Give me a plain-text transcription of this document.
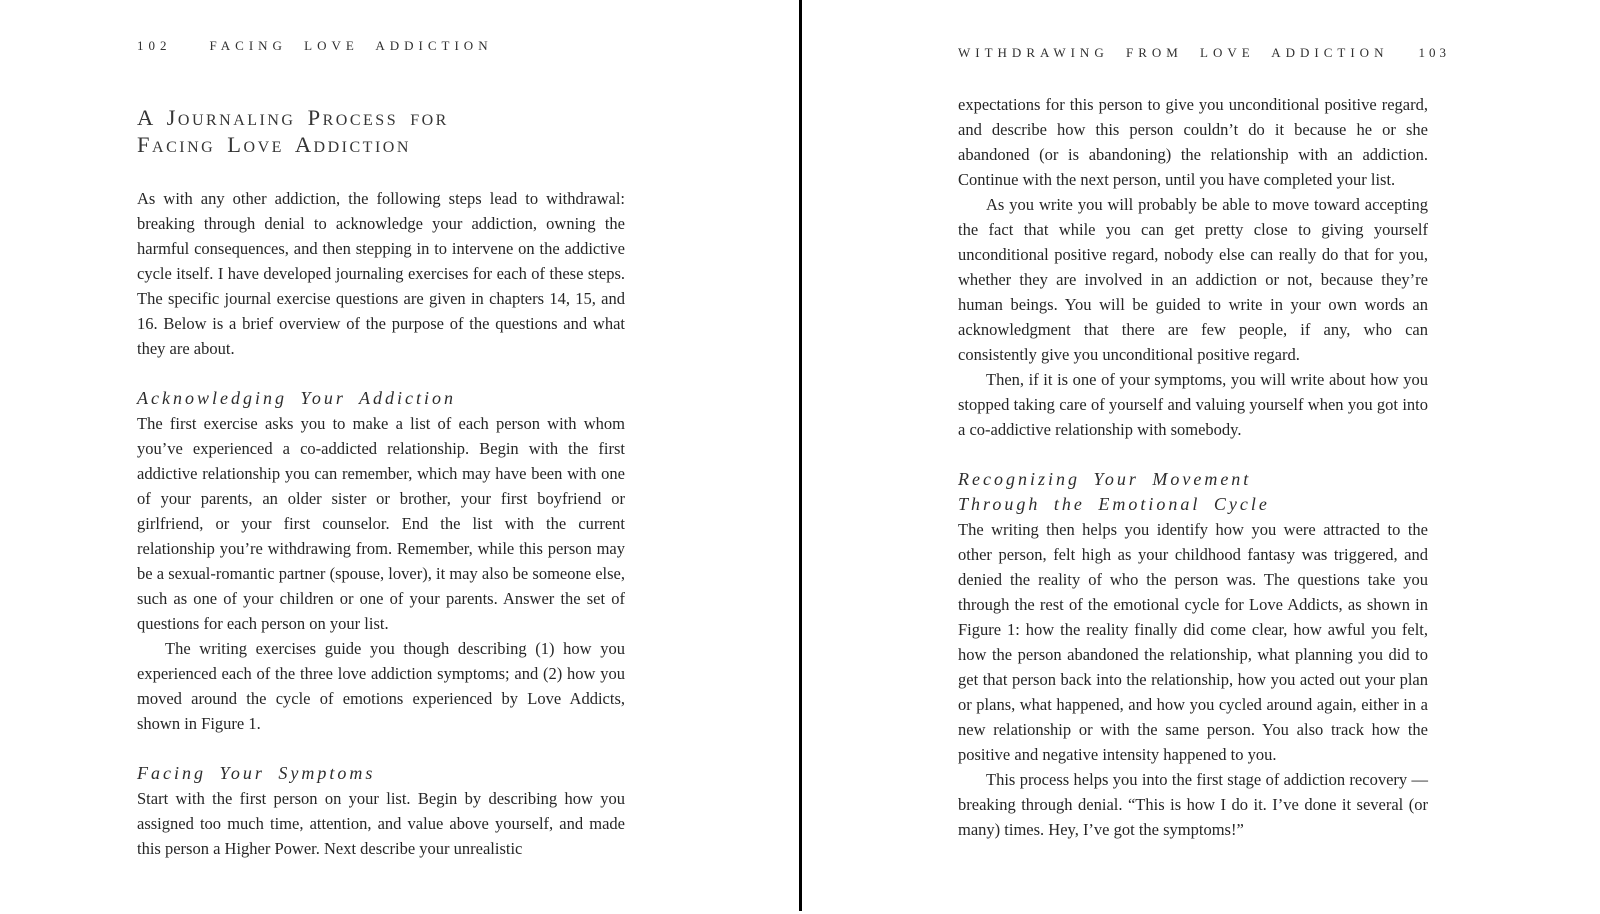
102	FACING LOVE ADDICTION
A Journaling Process for
Facing Love Addiction

As with any other addiction, the following steps lead to withdrawal: breaking through denial to acknowledge your addiction, owning the harmful consequences, and then stepping in to intervene on the addictive cycle itself. I have developed journaling exercises for each of these steps. The specific journal exercise questions are given in chapters 14, 15, and 16. Below is a brief overview of the purpose of the questions and what they are about.

Acknowledging Your Addiction

The first exercise asks you to make a list of each person with whom you’ve experienced a co-addicted relationship. Begin with the first addictive relationship you can remember, which may have been with one of your parents, an older sister or brother, your first boyfriend or girlfriend, or your first counselor. End the list with the current relationship you’re withdrawing from. Remember, while this person may be a sexual-romantic partner (spouse, lover), it may also be someone else, such as one of your children or one of your parents. Answer the set of questions for each person on your list.

The writing exercises guide you though describing (1) how you experienced each of the three love addiction symptoms; and (2) how you moved around the cycle of emotions experienced by Love Addicts, shown in Figure 1.

Facing Your Symptoms

Start with the first person on your list. Begin by describing how you assigned too much time, attention, and value above yourself, and made this person a Higher Power. Next describe your unrealistic

WITHDRAWING FROM LOVE ADDICTION 103

expectations for this person to give you unconditional positive regard, and describe how this person couldn’t do it because he or she abandoned (or is abandoning) the relationship with an addiction. Continue with the next person, until you have completed your list.

As you write you will probably be able to move toward accepting the fact that while you can get pretty close to giving yourself unconditional positive regard, nobody else can really do that for you, whether they are involved in an addiction or not, because they’re human beings. You will be guided to write in your own words an acknowledgment that there are few people, if any, who can consistently give you unconditional positive regard.

Then, if it is one of your symptoms, you will write about how you stopped taking care of yourself and valuing yourself when you got into a co-addictive relationship with somebody.

Recognizing Your Movement
Through the Emotional Cycle

The writing then helps you identify how you were attracted to the other person, felt high as your childhood fantasy was triggered, and denied the reality of who the person was. The questions take you through the rest of the emotional cycle for Love Addicts, as shown in Figure 1: how the reality finally did come clear, how awful you felt, how the person abandoned the relationship, what planning you did to get that person back into the relationship, how you acted out your plan or plans, what happened, and how you cycled around again, either in a new relationship or with the same person. You also track how the positive and negative intensity happened to you.

This process helps you into the first stage of addiction recovery —breaking through denial. “This is how I do it. I’ve done it several (or many) times. Hey, I’ve got the symptoms!”
